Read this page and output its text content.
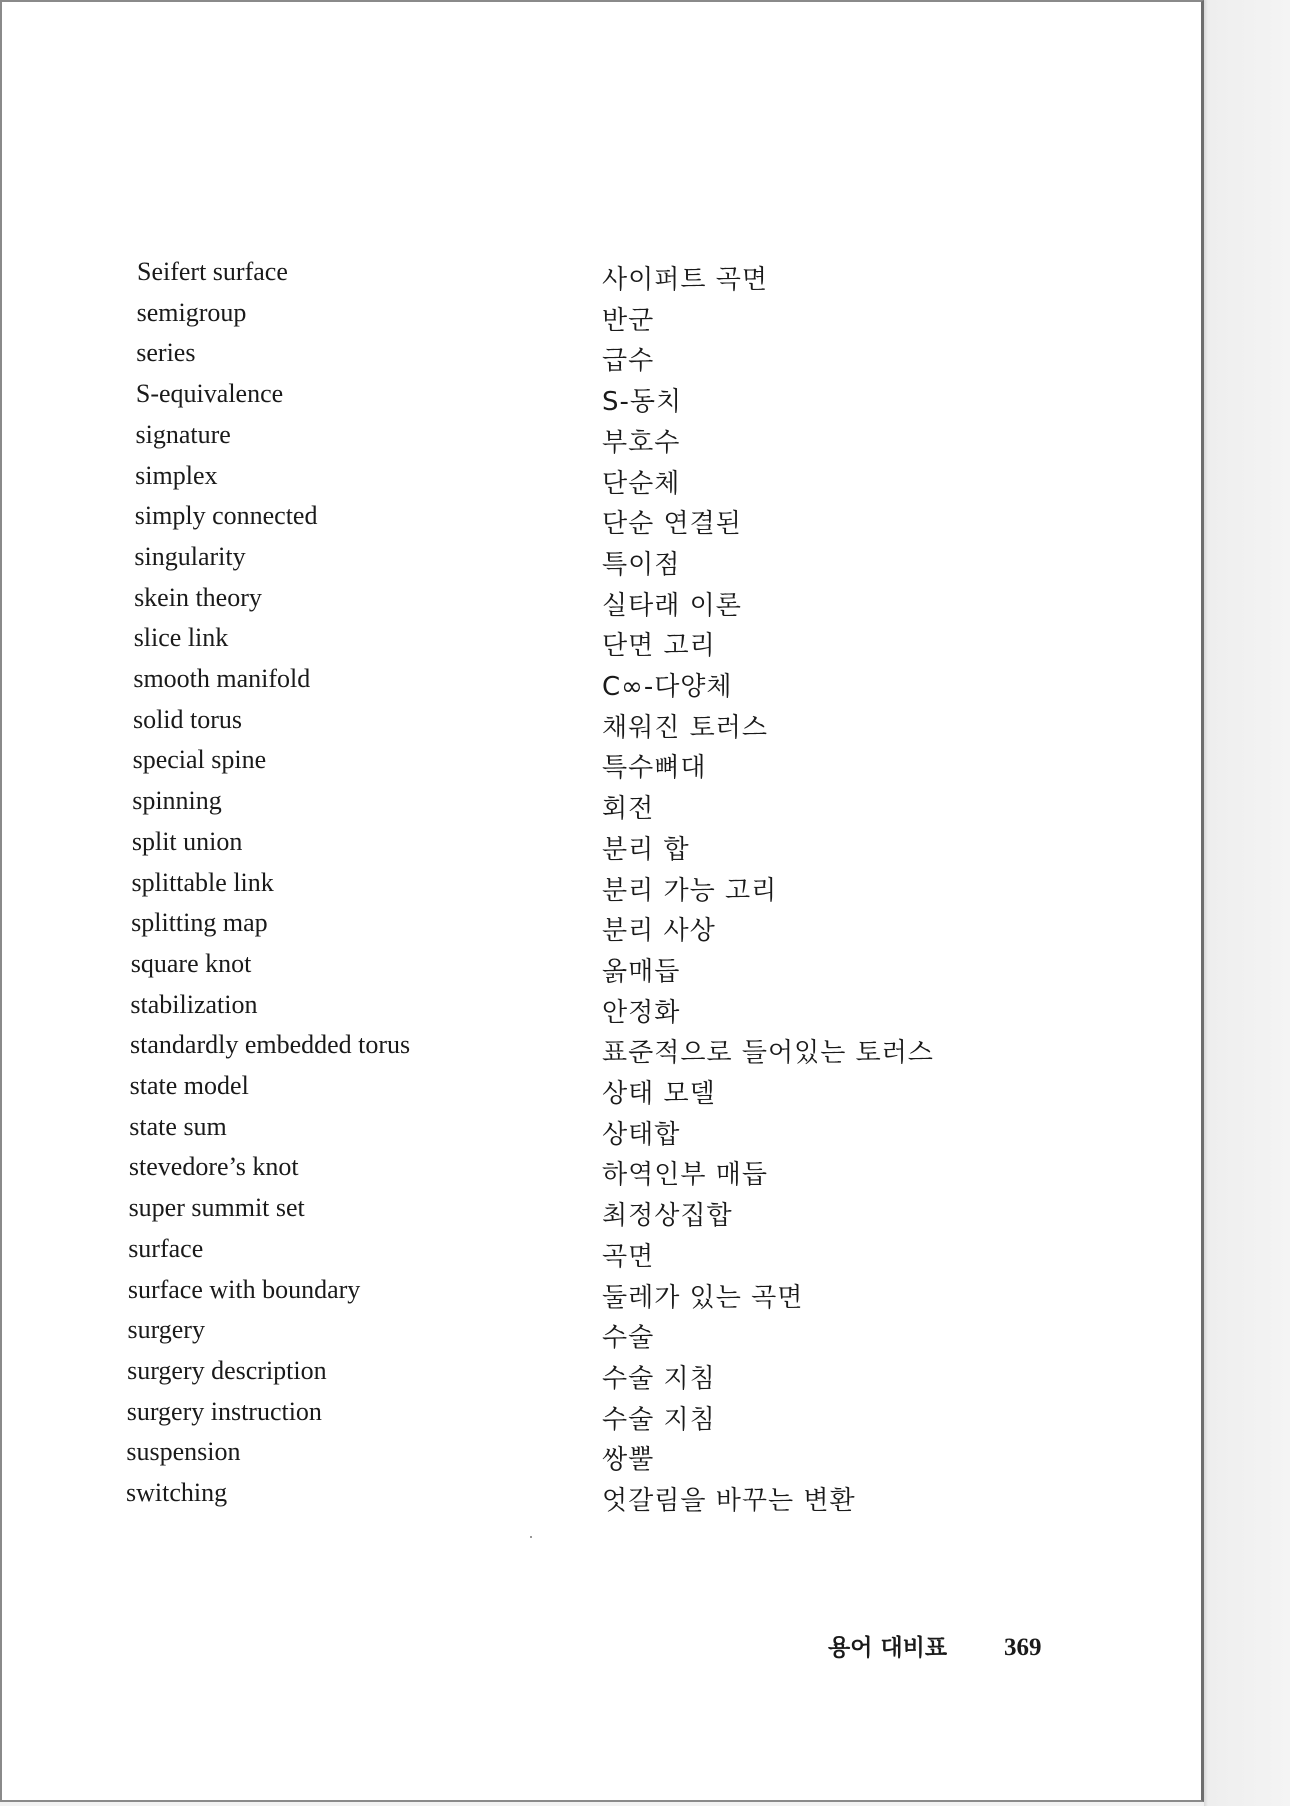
Seifert surface	사이퍼트 곡면
semigroup	반군
series	급수
S-equivalence	S-동치
signature	부호수
simplex	단순체
simply connected	단순 연결된
singularity	특이점
skein theory	실타래 이론
slice link	단면 고리
smooth manifold	C∞-다양체
solid torus	채워진 토러스
special spine	특수뼈대
spinning	회전
split union	분리 합
splittable link	분리 가능 고리
splitting map	분리 사상
square knot	옭매듭
stabilization	안정화
standardly embedded torus	표준적으로 들어있는 토러스
state model	상태 모델
state sum	상태합
stevedore’s knot	하역인부 매듭
super summit set	최정상집합
surface	곡면
surface with boundary	둘레가 있는 곡면
surgery	수술
surgery description	수술 지침
surgery instruction	수술 지침
suspension	쌍뿔
switching	엇갈림을 바꾸는 변환
용어 대비표 369
